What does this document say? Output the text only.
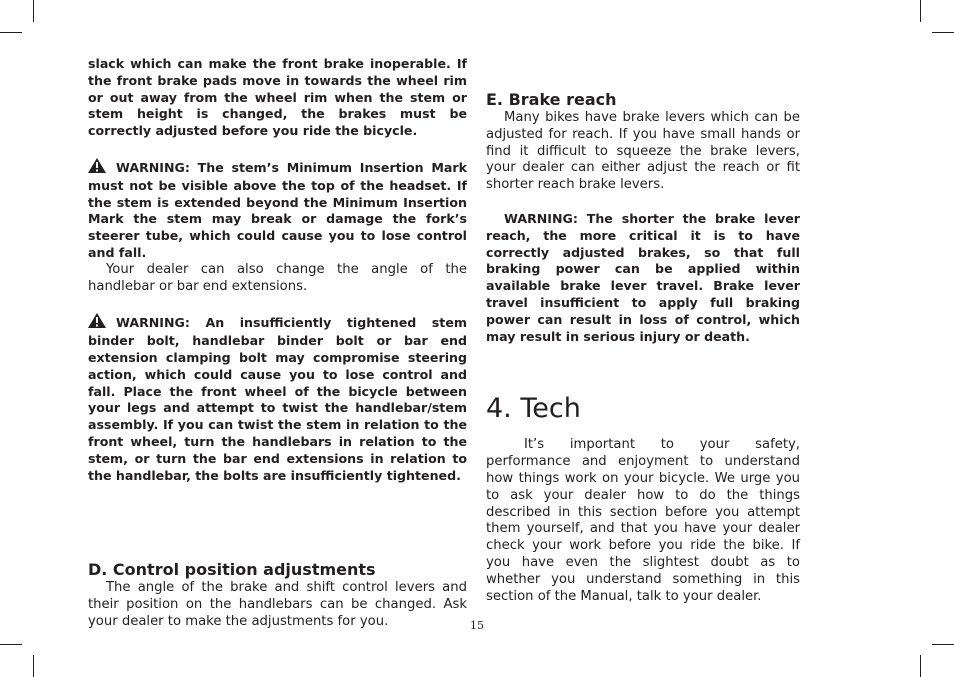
slack which can make the front brake inoperable. If the front brake pads move in towards the wheel rim or out away from the wheel rim when the stem or stem height is changed, the brakes must be correctly adjusted before you ride the bicycle.

WARNING: The stem’s Minimum Insertion Mark must not be visible above the top of the headset. If the stem is extended beyond the Minimum Insertion Mark the stem may break or damage the fork’s steerer tube, which could cause you to lose control and fall.

Your dealer can also change the angle of the handlebar or bar end extensions.

WARNING: An insufficiently tightened stem binder bolt, handlebar binder bolt or bar end extension clamping bolt may compromise steering action, which could cause you to lose control and fall. Place the front wheel of the bicycle between your legs and attempt to twist the handlebar/stem assembly. If you can twist the stem in relation to the front wheel, turn the handlebars in relation to the stem, or turn the bar end extensions in relation to the handlebar, the bolts are insufficiently tightened.

D. Control position adjustments

The angle of the brake and shift control levers and their position on the handlebars can be changed. Ask your dealer to make the adjustments for you.

E. Brake reach

Many bikes have brake levers which can be adjusted for reach. If you have small hands or find it difficult to squeeze the brake levers, your dealer can either adjust the reach or fit shorter reach brake levers.

WARNING: The shorter the brake lever reach, the more critical it is to have correctly adjusted brakes, so that full braking power can be applied within available brake lever travel. Brake lever travel insufficient to apply full braking power can result in loss of control, which may result in serious injury or death.

4. Tech

It’s important to your safety, performance and enjoyment to understand how things work on your bicycle. We urge you to ask your dealer how to do the things described in this section before you attempt them yourself, and that you have your dealer check your work before you ride the bike. If you have even the slightest doubt as to whether you understand something in this section of the Manual, talk to your dealer.

15
